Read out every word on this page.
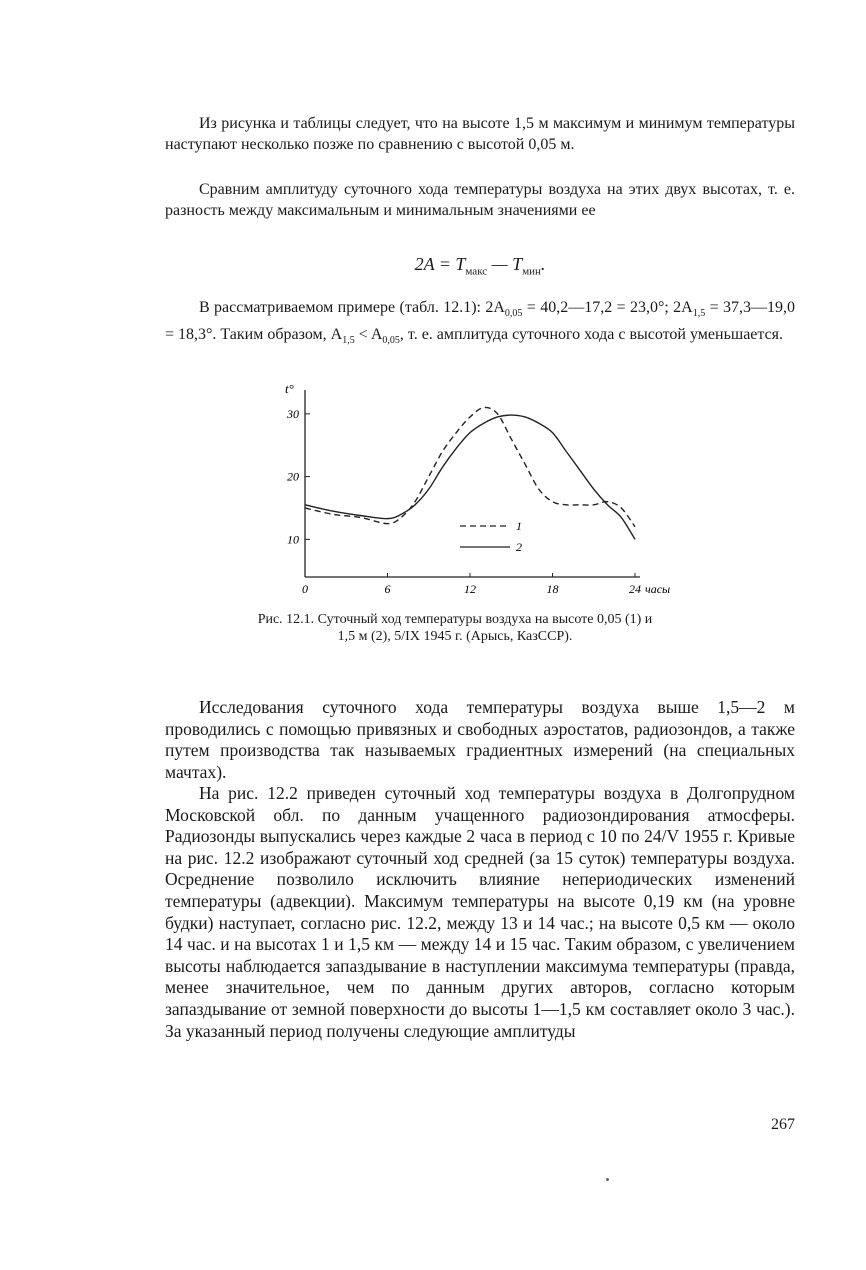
Из рисунка и таблицы следует, что на высоте 1,5 м максимум и минимум температуры наступают несколько позже по сравнению с высотой 0,05 м.

Сравним амплитуду суточного хода температуры воздуха на этих двух высотах, т. е. разность между максимальным и минимальным значениями ее

$2A = T_{макс}$ — $T_{мин}$.

В рассматриваемом примере (табл. 12.1): $2A_{0,05}$ = 40,2—17,2 = 23,0°; $2A_{1,5}$ = 37,3—19,0 = 18,3°. Таким образом, $A_{1,5} < A_{0,05}$, т. е. амплитуда суточного хода с высотой уменьшается.

10
20
30
0	6	12	18	24
t°
часы
1
2
Рис. 12.1. Суточный ход температуры воздуха на высоте 0,05 (1) и 1,5 м (2), 5/IX 1945 г. (Арысь, КазССР).

Исследования суточного хода температуры воздуха выше 1,5—2 м проводились с помощью привязных и свободных аэростатов, радиозондов, а также путем производства так называемых градиентных измерений (на специальных мачтах).

На рис. 12.2 приведен суточный ход температуры воздуха в Долгопрудном Московской обл. по данным учащенного радиозондирования атмосферы. Радиозонды выпускались через каждые 2 часа в период с 10 по 24/V 1955 г. Кривые на рис. 12.2 изображают суточный ход средней (за 15 суток) температуры воздуха. Осреднение позволило исключить влияние непериодических изменений температуры (адвекции). Максимум температуры на высоте 0,19 км (на уровне будки) наступает, согласно рис. 12.2, между 13 и 14 час.; на высоте 0,5 км — около 14 час. и на высотах 1 и 1,5 км — между 14 и 15 час. Таким образом, с увеличением высоты наблюдается запаздывание в наступлении максимума температуры (правда, менее значительное, чем по данным других авторов, согласно которым запаздывание от земной поверхности до высоты 1—1,5 км составляет около 3 час.). За указанный период получены следующие амплитуды

267
